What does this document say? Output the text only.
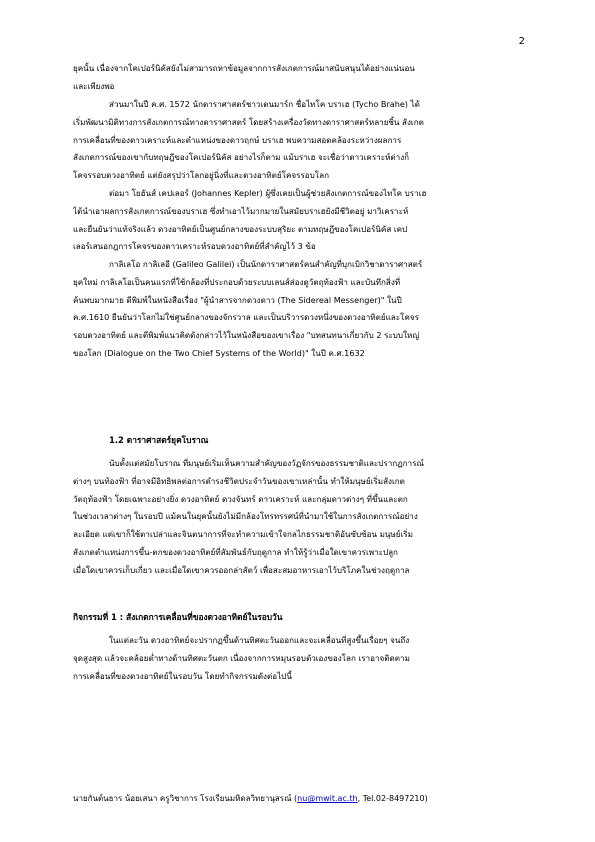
2
ยุคนั้น เนื่องจากโคเปอร์นิคัสยังไม่สามารถหาข้อมูลจากการสังเกตการณ์มาสนับสนุนได้อย่างแน่นอน
และเพียงพอ
ส่วนมาในปี ค.ศ. 1572 นักดาราศาสตร์ชาวเดนมาร์ก ชื่อไทโค บราเฮ (Tycho Brahe) ได้
เริ่มพัฒนามิติทางการสังเกตการณ์ทางดาราศาสตร์ โดยสร้างเครื่องวัดทางดาราศาสตร์หลายชิ้น สังเกต
การเคลื่อนที่ของดาวเคราะห์และตำแหน่งของดาวฤกษ์ บราเฮ พบความสอดคล้องระหว่างผลการ
สังเกตการณ์ของเขากับทฤษฎีของโคเปอร์นิคัส อย่างไรก็ตาม แม้บราเฮ จะเชื่อว่าดาวเคราะห์ต่างก็
โคจรรอบดวงอาทิตย์ แต่ยังสรุปว่าโลกอยู่นิ่งที่และดวงอาทิตย์โคจรรอบโลก
ต่อมา โยฮันส์ เคปเลอร์ (Johannes Kepler) ผู้ซึ่งเคยเป็นผู้ช่วยสังเกตการณ์ของไทโค บราเฮ
ได้นำเอาผลการสังเกตการณ์ของบราเฮ ซึ่งทำเอาไว้มากมายในสมัยบราเฮยังมีชีวิตอยู่ มาวิเคราะห์
และยืนยันว่าแท้จริงแล้ว ดวงอาทิตย์เป็นศูนย์กลางของระบบสุริยะ ตามทฤษฎีของโคเปอร์นิคัส เคป
เลอร์เสนอกฎการโคจรของดาวเคราะห์รอบดวงอาทิตย์ที่สำคัญไว้ 3 ข้อ
กาลิเลโอ กาลิเลอี (Galileo Galilei) เป็นนักดาราศาสตร์คนสำคัญที่บุกเบิกวิชาดาราศาสตร์
ยุคใหม่ กาลิเลโอเป็นคนแรกที่ใช้กล้องที่ประกอบด้วยระบบเลนส์ส่องดูวัตถุท้องฟ้า และบันทึกสิ่งที่
ค้นพบมากมาย ดีพิมพ์ในหนังสือเรื่อง "ผู้นำสารจากดวงดาว (The Sidereal Messenger)" ในปี
ค.ศ.1610 ยืนยันว่าโลกไม่ใช่ศูนย์กลางของจักรวาล และเป็นบริวารดวงหนึ่งของดวงอาทิตย์และโคจร
รอบดวงอาทิตย์ และตีพิมพ์แนวคิดดังกล่าวไว้ในหนังสือของเขาเรื่อง "บทสนทนาเกี่ยวกับ 2 ระบบใหญ่
ของโลก (Dialogue on the Two Chief Systems of the World)" ในปี ค.ศ.1632
1.2 ดาราศาสตร์ยุคโบราณ
นับตั้งแต่สมัยโบราณ ที่มนุษย์เริ่มเห็นความสำคัญของวัฏจักรของธรรมชาติและปรากฏการณ์
ต่างๆ บนท้องฟ้า ที่อาจมีอิทธิพลต่อการดำรงชีวิตประจำวันของเขาเหล่านั้น ทำให้มนุษย์เริ่มสังเกต
วัตถุท้องฟ้า โดยเฉพาะอย่างยิ่ง ดวงอาทิตย์ ดวงจันทร์ ดาวเคราะห์ และกลุ่มดาวต่างๆ ที่ขึ้นและตก
ในช่วงเวลาต่างๆ ในรอบปี แม้คนในยุคนั้นยังไม่มีกล้องโทรทรรศน์ที่นำมาใช้ในการสังเกตการณ์อย่าง
ละเอียด แต่เขาก็ใช้ตาเปล่าและจินตนาการที่จะทำความเข้าใจกลไกธรรมชาติอันซับซ้อน มนุษย์เริ่ม
สังเกตตำแหน่งการขึ้น-ตกของดวงอาทิตย์ที่สัมพันธ์กับฤดูกาล ทำให้รู้ว่าเมื่อใดเขาควรเพาะปลูก
เมื่อใดเขาควรเก็บเกี่ยว และเมื่อใดเขาควรออกล่าสัตว์ เพื่อสะสมอาหารเอาไว้บริโภคในช่วงฤดูกาล
กิจกรรมที่ 1 : สังเกตการเคลื่อนที่ของดวงอาทิตย์ในรอบวัน
ในแต่ละวัน ดวงอาทิตย์จะปรากฏขึ้นด้านทิศตะวันออกและจะเคลื่อนที่สูงขึ้นเรื่อยๆ จนถึง
จุดสูงสุด แล้วจะคล้อยต่ำทางด้านทิศตะวันตก เนื่องจากการหมุนรอบตัวเองของโลก เราอาจติดตาม
การเคลื่อนที่ของดวงอาทิตย์ในรอบวัน โดยทำกิจกรรมดังต่อไปนี้
นายกันต์นธาร น้อยเสนา ครูวิชาการ โรงเรียนมหิดลวิทยานุสรณ์ (nu@mwit.ac.th, Tel.02-8497210)
